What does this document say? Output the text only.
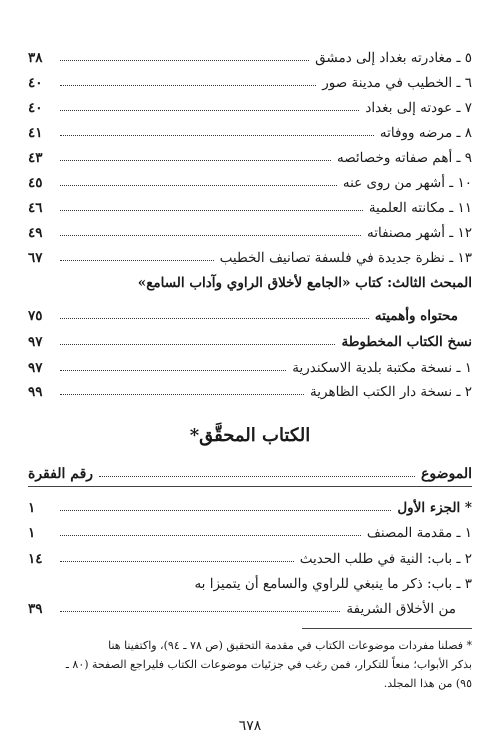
٥ ـ مغادرته بغداد إلى دمشق
٣٨
٦ ـ الخطيب في مدينة صور
٤٠
٧ ـ عودته إلى بغداد
٤٠
٨ ـ مرضه ووفاته
٤١
٩ ـ أهم صفاته وخصائصه
٤٣
١٠ ـ أشهر من روى عنه
٤٥
١١ ـ مكانته العلمية
٤٦
١٢ ـ أشهر مصنفاته
٤٩
١٣ ـ نظرة جديدة في فلسفة تصانيف الخطيب
٦٧
المبحث الثالث: كتاب «الجامع لأخلاق الراوي وآداب السامع»
محتواه وأهميته
٧٥
نسخ الكتاب المخطوطة
٩٧
١ ـ نسخة مكتبة بلدية الاسكندرية
٩٧
٢ ـ نسخة دار الكتب الظاهرية
٩٩
الكتاب المحقَّق*
الموضوع
رقم الفقرة
* الجزء الأول
١
١ ـ مقدمة المصنف
١
٢ ـ باب: النية في طلب الحديث
١٤
٣ ـ باب: ذكر ما ينبغي للراوي والسامع أن يتميزا به
من الأخلاق الشريفة
٣٩
* فصلنا مفردات موضوعات الكتاب في مقدمة التحقيق (ص ٧٨ ـ ٩٤)، واكتفينا هنا
بذكر الأبواب؛ منعاً للتكرار، فمن رغب في جزئيات موضوعات الكتاب فليراجع الصفحة (٨٠ ـ
٩٥) من هذا المجلد.
٦٧٨
